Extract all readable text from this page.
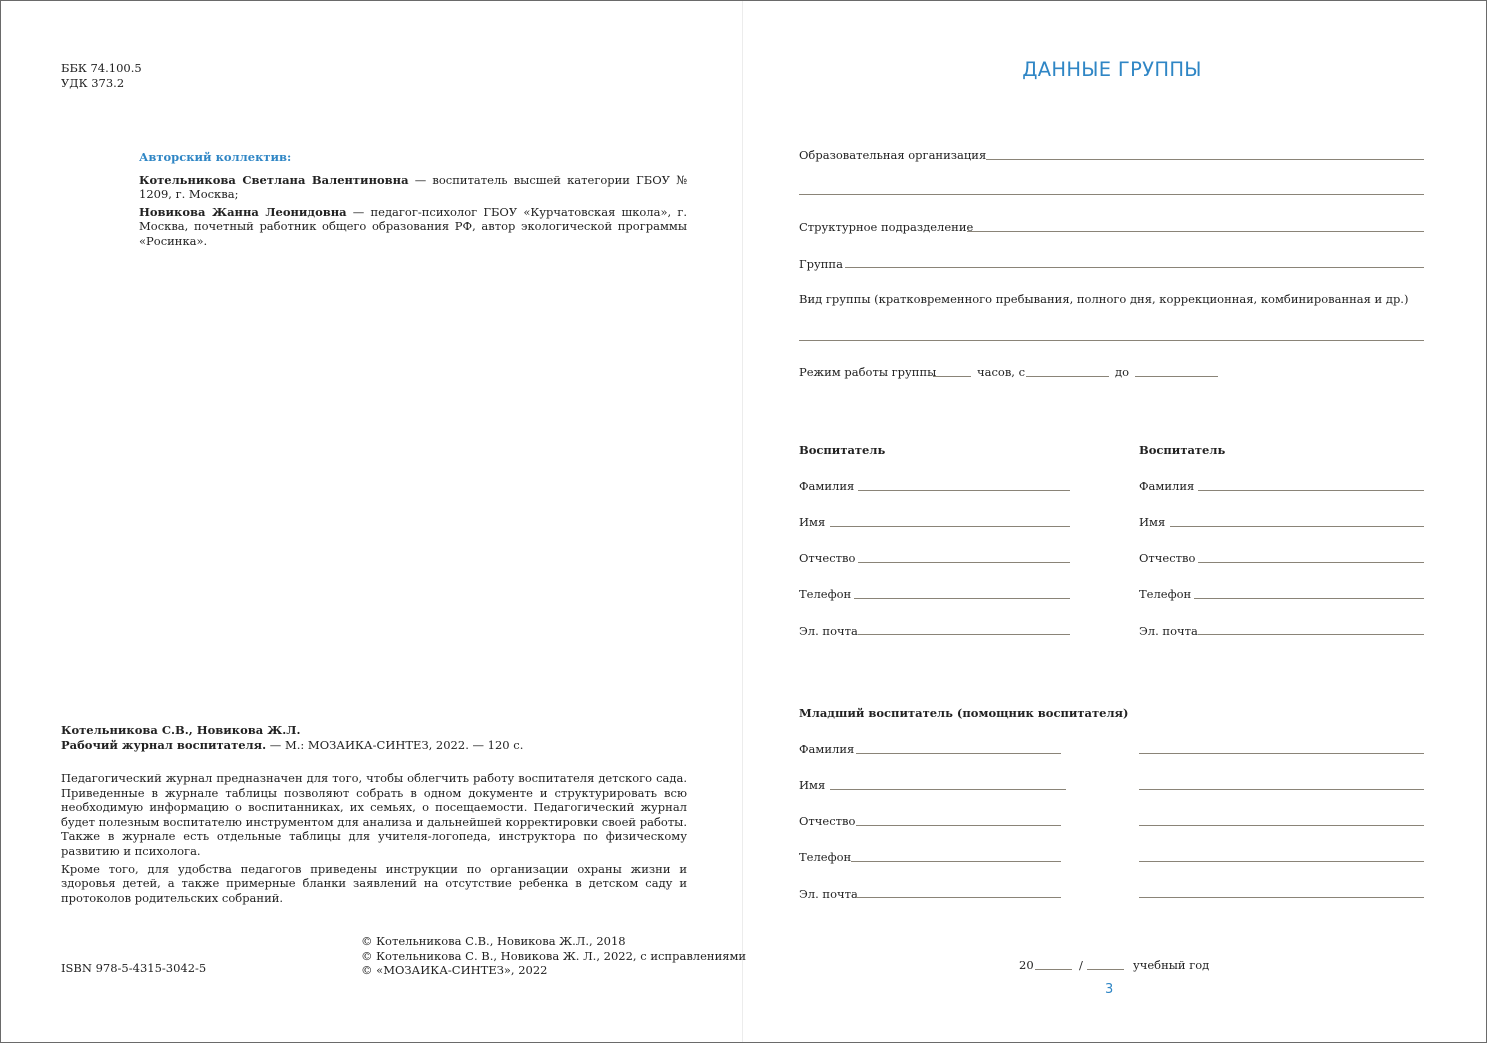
ББК 74.100.5
УДК 373.2
Авторский коллектив:

Котельникова Светлана Валентиновна — воспитатель высшей категории ГБОУ № 1209, г. Москва;

Новикова Жанна Леонидовна — педагог-психолог ГБОУ «Курчатовская школа», г. Москва, почетный работник общего образования РФ, автор экологической программы «Росинка».

Котельникова С.В., Новикова Ж.Л.

Рабочий журнал воспитателя. — М.: МОЗАИКА-СИНТЕЗ, 2022. — 120 с.

Педагогический журнал предназначен для того, чтобы облегчить работу воспитателя детского сада. Приведенные в журнале таблицы позволяют собрать в одном документе и структурировать всю необходимую информацию о воспитанниках, их семьях, о посещаемости. Педагогический журнал будет полезным воспитателю инструментом для анализа и дальнейшей корректировки своей работы. Также в журнале есть отдельные таблицы для учителя-логопеда, инструктора по физическому развитию и психолога.

Кроме того, для удобства педагогов приведены инструкции по организации охраны жизни и здоровья детей, а также примерные бланки заявлений на отсутствие ребенка в детском саду и протоколов родительских собраний.

ISBN 978-5-4315-3042-5
© Котельникова С.В., Новикова Ж.Л., 2018
© Котельникова С. В., Новикова Ж. Л., 2022, с исправлениями
© «МОЗАИКА-СИНТЕЗ», 2022
ДАННЫЕ ГРУППЫ
Образовательная организация
Структурное подразделение
Группа
Вид группы (кратковременного пребывания, полного дня, коррекционная, комбинированная и др.)
Режим работы группы	часов, с	до
Воспитатель
Фамилия
Имя
Отчество
Телефон
Эл. почта
Воспитатель
Фамилия
Имя
Отчество
Телефон
Эл. почта
Младший воспитатель (помощник воспитателя)
Фамилия
Имя
Отчество
Телефон
Эл. почта
20	/	учебный год
3
